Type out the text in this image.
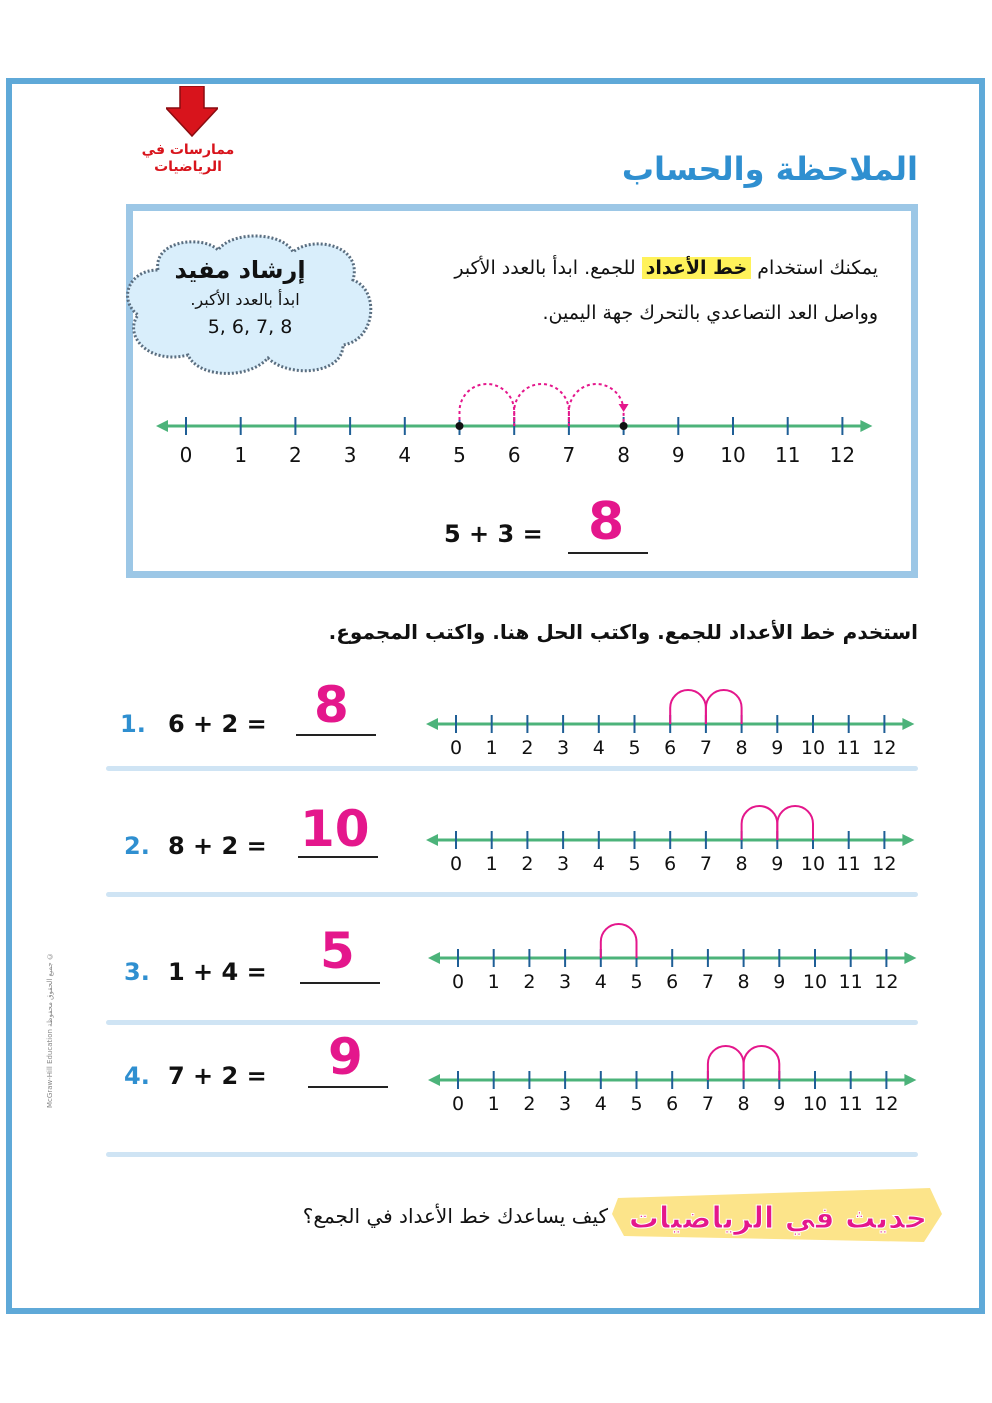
ممارسات في الرياضيات	الملاحظة والحساب
يمكنك استخدام خط الأعداد للجمع. ابدأ بالعدد الأكبر وواصل العد التصاعدي بالتحرك جهة اليمين.
إرشاد مفيد
ابدأ بالعدد الأكبر.
5, 6, 7, 8
0 1 2 3 4 5 6 7 8 9 10 11 12
5 + 3 = 8
استخدم خط الأعداد للجمع. واكتب الحل هنا. واكتب المجموع.
1. 6 + 2 = 8
0 1 2 3 4 5 6 7 8 9 10 11 12
2. 8 + 2 = 10
0 1 2 3 4 5 6 7 8 9 10 11 12
3. 1 + 4 = 5
0 1 2 3 4 5 6 7 8 9 10 11 12
4. 7 + 2 = 9
0 1 2 3 4 5 6 7 8 9 10 11 12
حديث في الرياضيات
كيف يساعدك خط الأعداد في الجمع؟
McGraw-Hill Education جميع الحقوق محفوظة ©
